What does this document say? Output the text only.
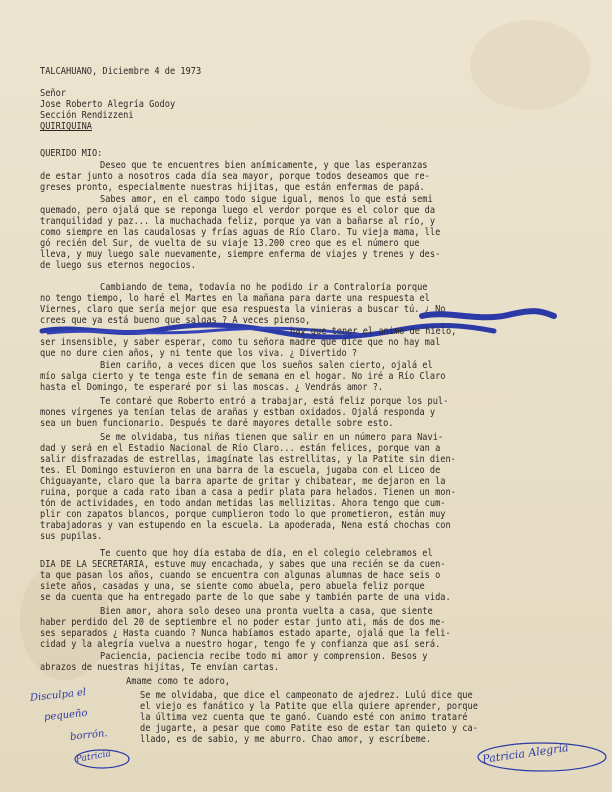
TALCAHUANO, Diciembre 4 de 1973
Señor
Jose Roberto Alegría Godoy
Sección Rendizzeni
QUIRIQUINA
QUERIDO MIO:
Deseo que te encuentres bien anímicamente, y que las esperanzas
de estar junto a nosotros cada día sea mayor, porque todos deseamos que re-
greses pronto, especialmente nuestras hijitas, que están enfermas de papá.
Sabes amor, en el campo todo sigue igual, menos lo que está semi
quemado, pero ojalá que se reponga luego el verdor porque es el color que da
tranquilidad y paz... la muchachada feliz, porque ya van a bañarse al río, y
como siempre en las caudalosas y frías aguas de Río Claro. Tu vieja mama, lle
gó recién del Sur, de vuelta de su viaje 13.200 creo que es el número que
lleva, y muy luego sale nuevamente, siempre enferma de viajes y trenes y des-
de luego sus eternos negocios.
Cambiando de tema, todavía no he podido ir a Contraloría porque
no tengo tiempo, lo haré el Martes en la mañana para darte una respuesta el
Viernes, claro que sería mejor que esa respuesta la vinieras a buscar tú. ¿ No
crees que ya está bueno que salgas ? A veces pienso,
hay que tener el animo de hielo,
ser insensible, y saber esperar, como tu señora madre que dice que no hay mal
que no dure cien años, y ni tente que los viva. ¿ Divertido ?
Bien cariño, a veces dicen que los sueños salen cierto, ojalá el
mío salga cierto y te tenga este fin de semana en el hogar. No iré a Río Claro
hasta el Domingo, te esperaré por si las moscas. ¿ Vendrás amor ?.
Te contaré que Roberto entró a trabajar, está feliz porque los pul-
mones vírgenes ya tenían telas de arañas y estban oxidados. Ojalá responda y
sea un buen funcionario. Después te daré mayores detalle sobre esto.
Se me olvidaba, tus niñas tienen que salir en un número para Navi-
dad y será en el Estadio Nacional de Río Claro... están felices, porque van a
salir disfrazadas de estrellas, imagínate las estrellitas, y la Patite sin dien-
tes. El Domingo estuvieron en una barra de la escuela, jugaba con el Liceo de
Chiguayante, claro que la barra aparte de gritar y chibatear, me dejaron en la
ruina, porque a cada rato iban a casa a pedir plata para helados. Tienen un mon-
tón de actividades, en todo andan metidas las mellizitas. Ahora tengo que cum-
plir con zapatos blancos, porque cumplieron todo lo que prometieron, están muy
trabajadoras y van estupendo en la escuela. La apoderada, Nena está chochas con
sus pupilas.
Te cuento que hoy día estaba de día, en el colegio celebramos el
DIA DE LA SECRETARIA, estuve muy encachada, y sabes que una recién se da cuen-
ta que pasan los años, cuando se encuentra con algunas alumnas de hace seis o
siete años, casadas y una, se siente como abuela, pero abuela feliz porque
se da cuenta que ha entregado parte de lo que sabe y también parte de una vida.
Bien amor, ahora solo deseo una pronta vuelta a casa, que siente
haber perdido del 20 de septiembre el no poder estar junto ati, más de dos me-
ses separados ¿ Hasta cuando ? Nunca habíamos estado aparte, ojalá que la feli-
cidad y la alegría vuelva a nuestro hogar, tengo fe y confianza que así será.
Paciencia, paciencia recibe todo mi amor y comprension. Besos y
abrazos de nuestras hijitas, Te envían cartas.
Amame como te adoro,
Se me olvidaba, que dice el campeonato de ajedrez. Lulú dice que
el viejo es fanático y la Patite que ella quiere aprender, porque
la última vez cuenta que te ganó. Cuando esté con animo trataré
de jugarte, a pesar que como Patite eso de estar tan quieto y ca-
llado, es de sabio, y me aburro. Chao amor, y escríbeme.
Disculpa el
pequeño
borrón.
Patricia	Patricia Alegría
